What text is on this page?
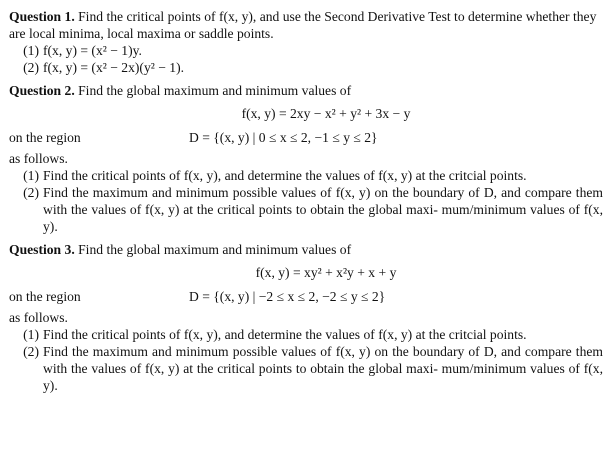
Question 1. Find the critical points of f(x, y), and use the Second Derivative Test to determine whether they are local minima, local maxima or saddle points.

(1) f(x, y) = (x² − 1)y.
(2) f(x, y) = (x² − 2x)(y² − 1).

Question 2. Find the global maximum and minimum values of

f(x, y) = 2xy − x² + y² + 3x − y
on the region	D = {(x, y) | 0 ≤ x ≤ 2, −1 ≤ y ≤ 2}

as follows.

(1) Find the critical points of f(x, y), and determine the values of f(x, y) at the critcial points.
(2) Find the maximum and minimum possible values of f(x, y) on the boundary of D, and compare them with the values of f(x, y) at the critical points to obtain the global maxi- mum/minimum values of f(x, y).

Question 3. Find the global maximum and minimum values of

f(x, y) = xy² + x²y + x + y
on the region	D = {(x, y) | −2 ≤ x ≤ 2, −2 ≤ y ≤ 2}

as follows.

(1) Find the critical points of f(x, y), and determine the values of f(x, y) at the critcial points.
(2) Find the maximum and minimum possible values of f(x, y) on the boundary of D, and compare them with the values of f(x, y) at the critical points to obtain the global maxi- mum/minimum values of f(x, y).
